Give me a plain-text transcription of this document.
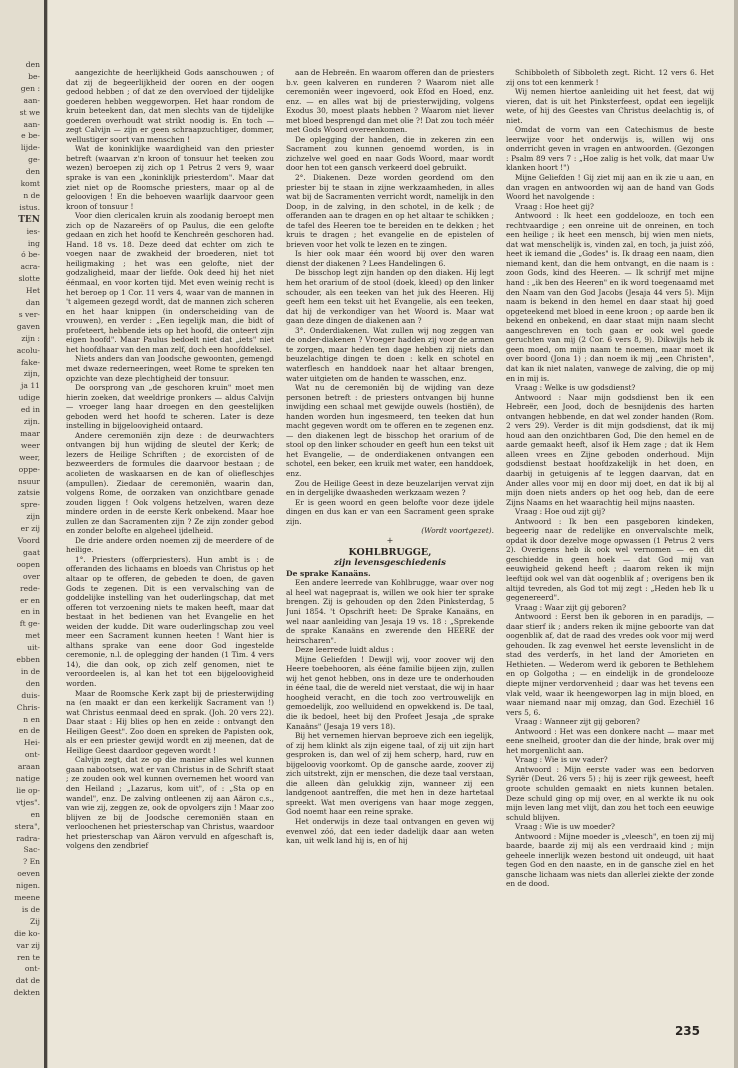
den
be-
gen :
aan-
st we
aan-
e be-
lijde-
ge-
den
komt
n de
istus.
TEN
ies-
ing
ó be-
acra-
slotte
Het
dan
s ver-
gaven
zijn :
acolu-
fake-
zijn,
ja 11
udige
ed in
zijn.
maar
weer
weer,
oppe-
nsuur
zatsie
spre-
zijn
er zij
Voord
gaat
oopen
over
rede-
er en
en in
ft ge-
met
uit-
ebben
in de
den
duis-
Chris-
n en
en de
Hei-
ont-
araan
natige
lie op-
vtjes".
en
stera",
radra-
Sac-
? En
oeven
nigen.
meene
is de
Zij
die ko-
var zij
ren te
ont-
dat de
dekten

aangezichte de heerlijkheid Gods aanschouwen ; of dat zij de begeerlijkheid der ooren en der oogen gedood hebben ; of dat ze den overvloed der tijdelijke goederen hebben weggeworpen. Het haar rondom de kruin beteekent dan, dat men slechts van de tijdelijke goederen overhoudt wat strikt noodig is. En toch — zegt Calvijn — zijn er geen schraapzuchtiger, dommer, wellustiger soort van menschen !

Wat de koninklijke waardigheid van den priester betreft (waarvan z'n kroon of tonsuur het teeken zou wezen) beroepen zij zich op 1 Petrus 2 vers 9, waar sprake is van een „koninklijk priesterdom". Maar dat ziet niet op de Roomsche priesters, maar op al de geloovigen ! En die behoeven waarlijk daarvoor geen kroon of tonsuur !

Voor dien clericalen kruin als zoodanig beroept men zich op de Nazareërs of op Paulus, die een gelofte gedaan en zich het hoofd te Kenchreën geschoren had. Hand. 18 vs. 18. Deze deed dat echter om zich te voegen naar de zwakheid der broederen, niet tot heiligmaking ; het was een gelofte, niet der godzaligheid, maar der liefde. Ook deed hij het niet éénmaal, en voor korten tijd. Met even weinig recht is het beroep op 1 Cor. 11 vers 4, waar van de mannen in 't algemeen gezegd wordt, dat de mannen zich scheren en het haar knippen (in onderscheiding van de vrouwen), en verder : „Een iegelijk man, die bidt of profeteert, hebbende iets op het hoofd, die onteert zijn eigen hoofd". Maar Paulus bedoelt niet dat „iets" niet het hoofdhaar van den man zelf, doch een hoofddeksel.

Niets anders dan van Joodsche gewoonten, gemengd met dwaze rederneeringen, weet Rome te spreken ten opzichte van deze plechtigheid der tonsuur.

De oorsprong van „de geschoren kruin" moet men hierin zoeken, dat weeldrige pronkers — aldus Calvijn — vroeger lang haar droegen en den geestelijken geboden werd het hoofd te scheren. Later is deze instelling in bijgeloovigheid ontaard.

Andere ceremoniën zijn deze : de deurwachters ontvangen bij hun wijding de sleutel der Kerk; de lezers de Heilige Schriften ; de exorcisten of de bezweerders de formules die daarvoor bestaan ; de acolieten de waskaarsen en de kan of oliefleschjes (ampullen). Ziedaar de ceremoniën, waarin dan, volgens Rome, de oorzaken van onzichtbare genade zouden liggen ! Ook volgens hetzelven, waren deze mindere orden in de eerste Kerk onbekend. Maar hoe zullen ze dan Sacramenten zijn ? Ze zijn zonder gebod en zonder belofte en algeheel ijdelheid.

De drie andere orden noemen zij de meerdere of de heilige.

1°. Priesters (offerpriesters). Hun ambt is : de offeranden des lichaams en bloeds van Christus op het altaar op te offeren, de gebeden te doen, de gaven Gods te zegenen. Dit is een vervalsching van de goddelijke instelling van het ouderlingschap, dat met offeren tot verzoening niets te maken heeft, maar dat bestaat in het bedienen van het Evangelie en het weiden der kudde. Dit ware ouderlingschap zou veel meer een Sacrament kunnen heeten ! Want hier is althans sprake van eene door God ingestelde ceremonie, n.l. de oplegging der handen (1 Tim. 4 vers 14), die dan ook, op zich zelf genomen, niet te veroordeelen is, al kan het tot een bijgeloovigheid worden.

Maar de Roomsche Kerk zapt bij de priesterwijding na (en maakt er dan een kerkelijk Sacrament van !) wat Christus eenmaal deed en sprak. (Joh. 20 vers 22). Daar staat : Hij blies op hen en zeide : ontvangt den Heiligen Geest". Zoo doen en spreken de Papisten ook, als er een priester gewijd wordt en zij meenen, dat de Heilige Geest daardoor gegeven wordt !

Calvijn zegt, dat ze op die manier alles wel kunnen gaan nabootsen, wat er van Christus in de Schrift staat ; ze zouden ook wel kunnen overnemen het woord van den Heiland ; „Lazarus, kom uit", of : „Sta op en wandel", enz. De zalving ontleenen zij aan Aäron c.s., van wie zij, zeggen ze, ook de opvolgers zijn ! Maar zoo blijven ze bij de Joodsche ceremoniën staan en verloochenen het priesterschap van Christus, waardoor het priesterschap van Aäron vervuld en afgeschaft is, volgens den zendbrief

aan de Hebreën. En waarom offeren dan de priesters b.v. geen kalveren en runderen ? Waarom niet alle ceremoniën weer ingevoerd, ook Efod en Hoed, enz. enz. — en alles wat bij de priesterwijding, volgens Exodus 30, moest plaats hebben ? Waarom niet liever met bloed besprengd dan met olie ?! Dat zou toch méér met Gods Woord overeenkomen.

De oplegging der handen, die in zekeren zin een Sacrament zou kunnen genoemd worden, is in zichzelve wel goed en naar Gods Woord, maar wordt door hen tot een gansch verkeerd doel gebruikt.

2°. Diakenen. Deze worden geordend om den priester bij te staan in zijne werkzaamheden, in alles wat bij de Sacramenten verricht wordt, namelijk in den Doop, in de zalving, in den schotel, in de kelk ; de offeranden aan te dragen en op het altaar te schikken ; de tafel des Heeren toe te bereiden en te dekken ; het kruis te dragen ; het evangelie en de epistelen of brieven voor het volk te lezen en te zingen.

Is hier ook maar één woord bij over den waren dienst der diakenen ? Lees Handelingen 6.

De bisschop legt zijn handen op den diaken. Hij legt hem het orarium of de stool (doek, kleed) op den linker schouder, als een teeken van het juk des Heeren. Hij geeft hem een tekst uit het Evangelie, als een teeken, dat hij de verkondiger van het Woord is. Maar wat gaan deze dingen de diakenen aan ?

3°. Onderdiakenen. Wat zullen wij nog zeggen van de onder-diakenen ? Vroeger hadden zij voor de armen te zorgen, maar heden ten dage hebben zij niets dan beuzelachtige dingen te doen : kelk en schotel en waterflesch en handdoek naar het altaar brengen, water uitgieten om de handen te wasschen, enz.

Wat nu de ceremoniën bij de wijding van deze personen betreft : de priesters ontvangen bij hunne inwijding een schaal met gewijde ouwels (hostiën), de handen worden hun ingesmeerd, ten teeken dat hun macht gegeven wordt om te offeren en te zegenen enz. — den diakenen legt de bisschop het orarium of de stool op den linker schouder en geeft hun een tekst uit het Evangelie, — de onderdiakenen ontvangen een schotel, een beker, een kruik met water, een handdoek, enz.

Zou de Heilige Geest in deze beuzelarijen vervat zijn en in dergelijke dwaasheden werkzaam wezen ?

Er is geen woord en geen belofte voor deze ijdele dingen en dus kan er van een Sacrament geen sprake zijn.

(Wordt voortgezet).

+
KOHLBRUGGE,
zijn levensgeschiedenis
De sprake Kanaäns.

Een andere leerrede van Kohlbrugge, waar over nog al heel wat nagepraat is, willen we ook hier ter sprake brengen. Zij is gehouden op den 2den Pinksterdag, 5 Juni 1854. 't Opschrift heet: De Sprake Kanaäns, en wel naar aanleiding van Jesaja 19 vs. 18 : „Sprekende de sprake Kanaäns en zwerende den HEERE der heirscharen".

Deze leerrede luidt aldus :

Mijne Geliefden ! Dewijl wij, voor zoover wij den Heere toebehooren, als ééne familie bijeen zijn, zullen wij het genot hebben, ons in deze ure te onderhouden in ééne taal, die de wereld niet verstaat, die wij in haar hoogheid veracht, en die toch zoo vertrouwelijk en gemoedelijk, zoo welluidend en opwekkend is. De taal, die ik bedoel, heet bij den Profeet Jesaja „de sprake Kanaäns" (Jesaja 19 vers 18).

Bij het vernemen hiervan beproeve zich een iegelijk, of zij hem klinkt als zijn eigene taal, of zij uit zijn hart gesproken is, dan wel of zij hem scherp, hard, ruw en bijgeloovig voorkomt. Op de gansche aarde, zoover zij zich uitstrekt, zijn er menschen, die deze taal verstaan, die alleen dàn gelukkig zijn, wanneer zij een landgenoot aantreffen, die met hen in deze hartetaal spreekt. Wat men overigens van haar moge zeggen, God noemt haar een reine sprake.

Het onderwijs in deze taal ontvangen en geven wij evenwel zóó, dat een ieder dadelijk daar aan weten kan, uit welk land hij is, en of hij

Schibboleth of Sibboleth zegt. Richt. 12 vers 6. Het zij ons tot een kenmerk !

Wij nemen hiertoe aanleiding uit het feest, dat wij vieren, dat is uit het Pinksterfeest, opdat een iegelijk wete, of hij des Geestes van Christus deelachtig is, of niet.

Omdat de vorm van een Catechismus de beste leerwijze voor het onderwijs is, willen wij ons onderricht geven in vragen en antwoorden. (Gezongen : Psalm 89 vers 7 : „Hoe zalig is het volk, dat maar Uw klanken hoort !")

Mijne Geliefden ! Gij ziet mij aan en ik zie u aan, en dan vragen en antwoorden wij aan de hand van Gods Woord het navolgende :

Vraag : Hoe heet gij?

Antwoord : Ik heet een goddelooze, en toch een rechtvaardige ; een onreine uit de onreinen, en toch een heilige ; ik heet een mensch, bij wien men niets, dat wat menschelijk is, vinden zal, en toch, ja juist zóó, heet ik iemand die „Godes" is. Ik draag een naam, dien niemand kent, dan die hem ontvangt, en die naam is : zoon Gods, kind des Heeren. — Ik schrijf met mijne hand : „ik ben des Heeren" en ik word toegenaamd met den Naam van den God Jacobs (Jesaja 44 vers 5). Mijn naam is bekend in den hemel en daar staat hij goed opgeteekend met bloed in eene kroon ; op aarde ben ik bekend en onbekend, en daar staat mijn naam slecht aangeschreven en toch gaan er ook wel goede geruchten van mij (2 Cor. 6 vers 8, 9). Dikwijls heb ik geen moed, om mijn naam te noemen, maar moet ik over boord (Jona 1) ; dan noem ik mij „een Christen", dat kan ik niet nalaten, vanwege de zalving, die op mij en in mij is.

Vraag : Welke is uw godsdienst?

Antwoord : Naar mijn godsdienst ben ik een Hebreër, een Jood, doch de besnijdenis des harten ontvangen hebbende, en dat wel zonder handen (Rom. 2 vers 29). Verder is dit mijn godsdienst, dat ik mij houd aan den onzichtbaren God, Die den hemel en de aarde gemaakt heeft, alsof ik Hem zage ; dat ik Hem alleen vrees en Zijne geboden onderhoud. Mijn godsdienst bestaat hoofdzakelijk in het doen, en daarbij in getuigenis af te leggen daarvan, dat en Ander alles voor mij en door mij doet, en dat ik bij al mijn doen niets anders op het oog heb, dan de eere Zijns Naams en het waarachtig heil mijns naasten.

Vraag : Hoe oud zijt gij?

Antwoord : Ik ben een pasgeboren kindeken, begeerig naar de redelijke en onvervalschte melk, opdat ik door dezelve moge opwassen (1 Petrus 2 vers 2). Overigens heb ik ook wel vernomen — en dit geschiedde in geen hoek — dat God mij van eeuwigheid gekend heeft ; daarom reken ik mijn leeftijd ook wel van dàt oogenblik af ; overigens ben ik altijd tevreden, als God tot mij zegt : „Heden heb Ik u gegenereerd".

Vraag : Waar zijt gij geboren?

Antwoord : Eerst ben ik geboren in en paradijs, — daar stierf ik ; anders reken ik mijne geboorte van dat oogenblik af, dat de raad des vredes ook voor mij werd gehouden. Ik zag evenwel het eerste levenslicht in de stad des verderfs, in het land der Amorieten en Hethieten. — Wederom werd ik geboren te Bethlehem en op Golgotha ; — en eindelijk in de grondelooze diepte mijner verdorvenheid ; daar was het tevens een vlak veld, waar ik heengeworpen lag in mijn bloed, en waar niemand naar mij omzag, dan God. Ezechiël 16 vers 5, 6.

Vraag : Wanneer zijt gij geboren?

Antwoord : Het was een donkere nacht — maar met eene snelheid, grooter dan die der hinde, brak over mij het morgenlicht aan.

Vraag : Wie is uw vader?

Antwoord : Mijn eerste vader was een bedorven Syriër (Deut. 26 vers 5) ; hij is zeer rijk geweest, heeft groote schulden gemaakt en niets kunnen betalen. Deze schuld ging op mij over, en al werkte ik nu ook mijn leven lang met vlijt, dan zou het toch een eeuwige schuld blijven.

Vraag : Wie is uw moeder?

Antwoord : Mijne moeder is „vleesch", en toen zij mij baarde, baarde zij mij als een verdraaid kind ; mijn geheele innerlijk wezen bestond uit ondeugd, uit haat tegen God en den naaste, en in de gansche ziel en het gansche lichaam was niets dan allerlei ziekte der zonde en de dood.

235
